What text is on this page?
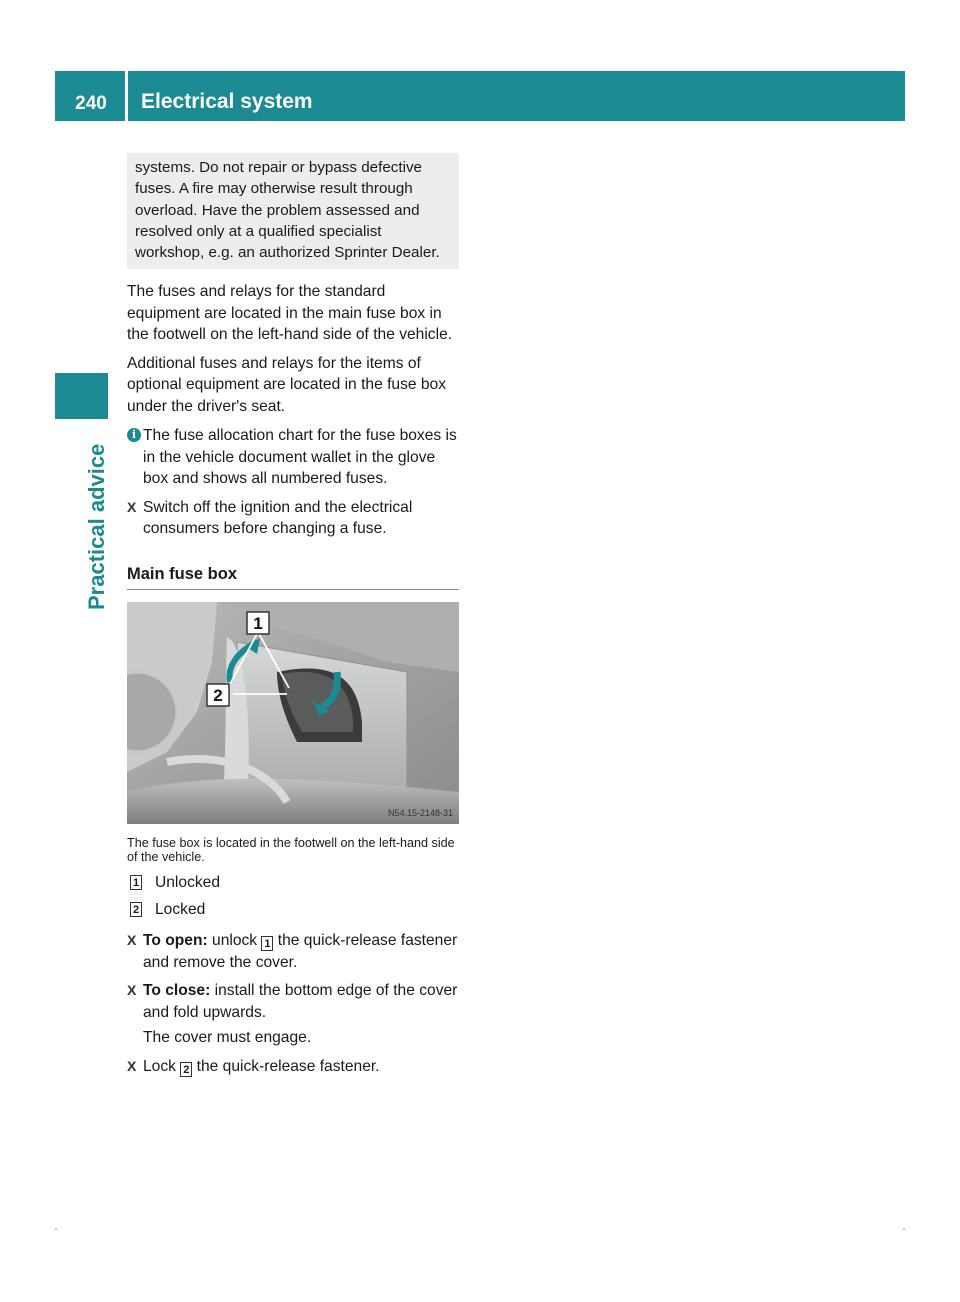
240	Electrical system
Practical advice
systems. Do not repair or bypass defective fuses. A fire may otherwise result through overload. Have the problem assessed and resolved only at a qualified specialist workshop, e.g. an authorized Sprinter Dealer.

The fuses and relays for the standard equipment are located in the main fuse box in the footwell on the left-hand side of the vehicle.

Additional fuses and relays for the items of optional equipment are located in the fuse box under the driver's seat.

i The fuse allocation chart for the fuse boxes is in the vehicle document wallet in the glove box and shows all numbered fuses.
X Switch off the ignition and the electrical consumers before changing a fuse.
Main fuse box
1
2
N54.15-2148-31

The fuse box is located in the footwell on the left-hand side of the vehicle.

1 Unlocked
2 Locked
X To open: unlock 1 the quick-release fastener and remove the cover.
X To close: install the bottom edge of the cover and fold upwards.

The cover must engage.

X Lock 2 the quick-release fastener.
